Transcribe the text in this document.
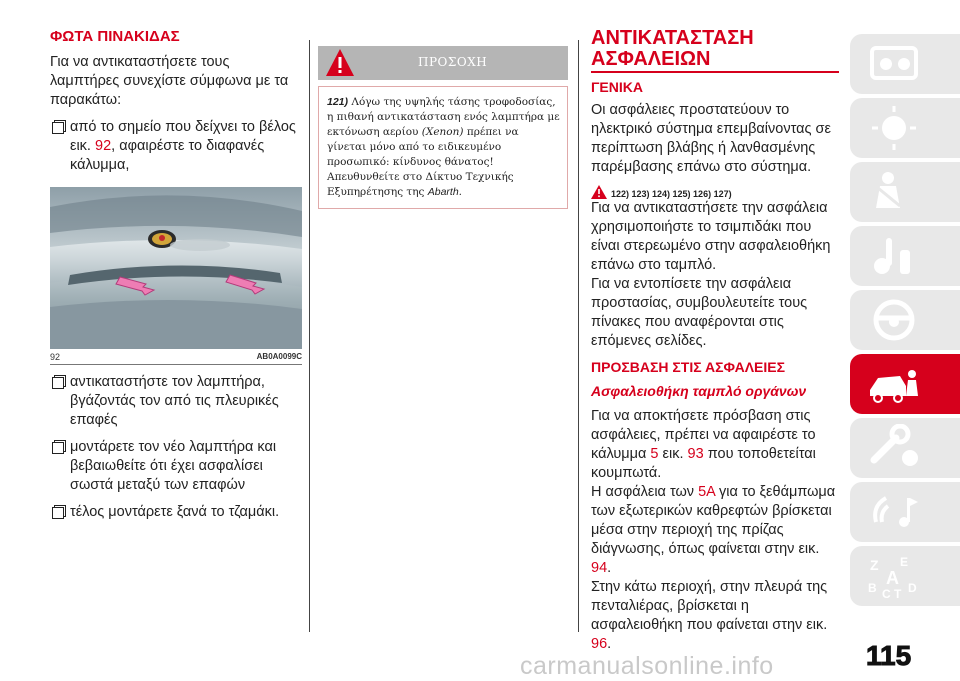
ΦΩΤΑ ΠΙΝΑΚΙΔΑΣ

Για να αντικαταστήσετε τους λαμπτήρες συνεχίστε σύμφωνα με τα παρακάτω:

από το σημείο που δείχνει το βέλος εικ. 92, αφαιρέστε το διαφανές κάλυμμα,

92	AB0A0099C

αντικαταστήστε τον λαμπτήρα, βγάζοντάς τον από τις πλευρικές επαφές

μοντάρετε τον νέο λαμπτήρα και βεβαιωθείτε ότι έχει ασφαλίσει σωστά μεταξύ των επαφών

τέλος μοντάρετε ξανά το τζαμάκι.

ΠΡΟΣΟΧΗ
121) Λόγω της υψηλής τάσης τροφοδοσίας, η πιθανή αντικατάσταση ενός λαμπτήρα με εκτόνωση αερίου (Xenon) πρέπει να γίνεται μόνο από το ειδικευμένο προσωπικό: κίνδυνος θάνατος! Απευθυνθείτε στο Δίκτυο Τεχνικής Εξυπηρέτησης της Abarth.
ΑΝΤΙΚΑΤΑΣΤΑΣΗ
ΑΣΦΑΛΕΙΩΝ
ΓΕΝΙΚΑ

Οι ασφάλειες προστατεύουν το ηλεκτρικό σύστημα επεμβαίνοντας σε περίπτωση βλάβης ή λανθασμένης παρέμβασης επάνω στο σύστημα.

122) 123) 124) 125) 126) 127)

Για να αντικαταστήσετε την ασφάλεια χρησιμοποιήστε το τσιμπιδάκι που είναι στερεωμένο στην ασφαλειοθήκη επάνω στο ταμπλό.

Για να εντοπίσετε την ασφάλεια προστασίας, συμβουλευτείτε τους πίνακες που αναφέρονται στις επόμενες σελίδες.

ΠΡΟΣΒΑΣΗ ΣΤΙΣ ΑΣΦΑΛΕΙΕΣ
Ασφαλειοθήκη ταμπλό οργάνων

Για να αποκτήσετε πρόσβαση στις ασφάλειες, πρέπει να αφαιρέστε το κάλυμμα 5 εικ. 93 που τοποθετείται κουμπωτά.

Η ασφάλεια των 5A για το ξεθάμπωμα των εξωτερικών καθρεφτών βρίσκεται μέσα στην περιοχή της πρίζας διάγνωσης, όπως φαίνεται στην εικ. 94.

Στην κάτω περιοχή, στην πλευρά της πενταλιέρας, βρίσκεται η ασφαλειοθήκη που φαίνεται στην εικ. 96.

Z E
B A
C T D
115
carmanualsonline.info
